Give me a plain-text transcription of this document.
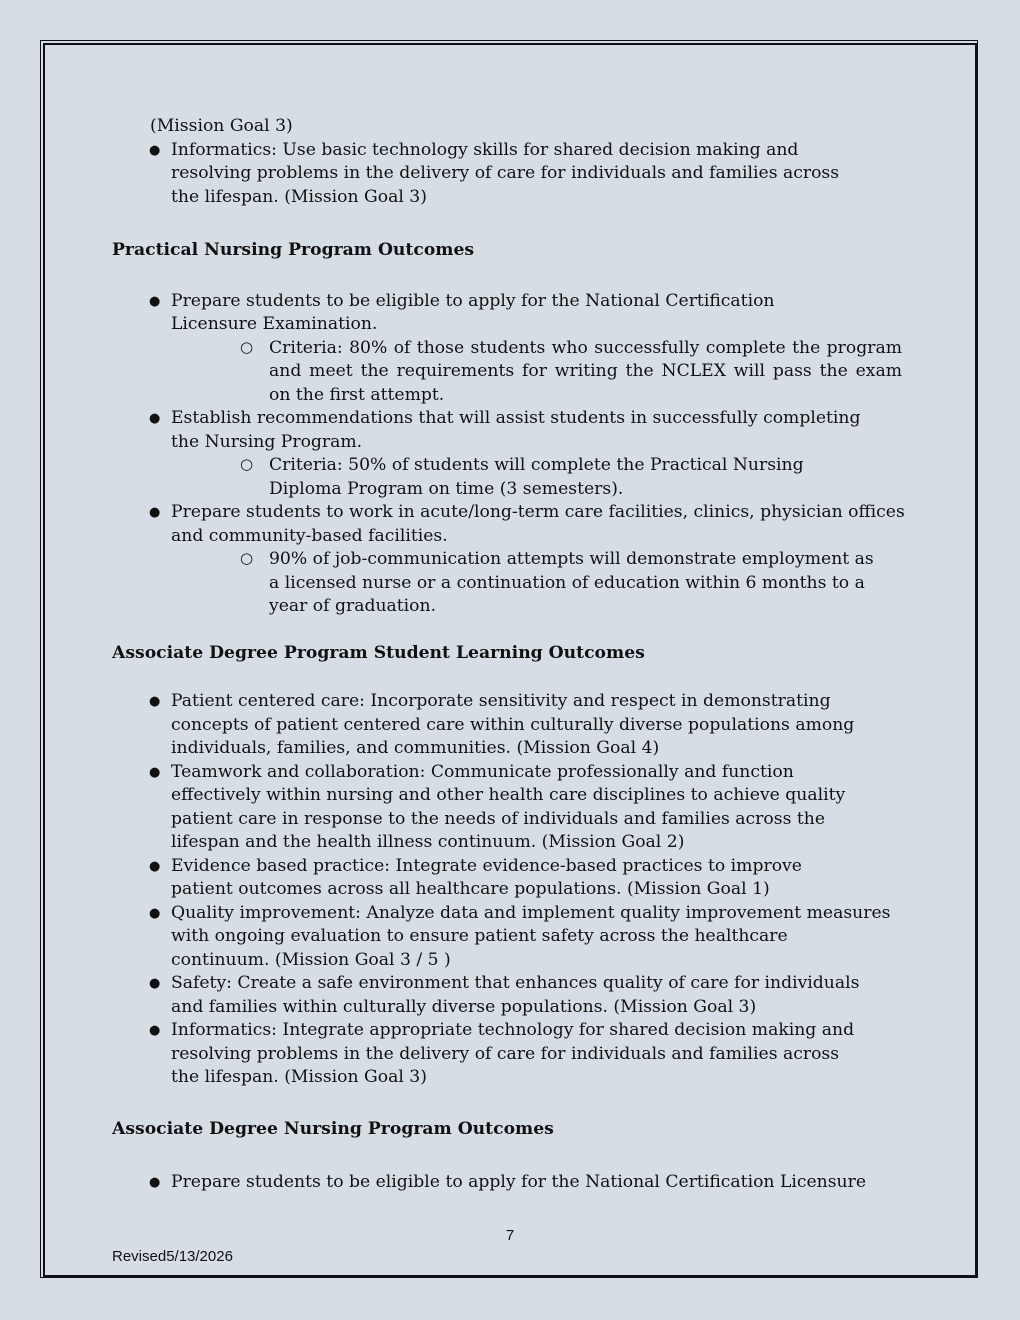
(Mission Goal 3)

● Informatics: Use basic technology skills for shared decision making and resolving problems in the delivery of care for individuals and families across the lifespan. (Mission Goal 3)
Practical Nursing Program Outcomes
● Prepare students to be eligible to apply for the National Certification Licensure Examination.
○ Criteria: 80% of those students who successfully complete the program and meet the requirements for writing the NCLEX will pass the exam on the first attempt.
● Establish recommendations that will assist students in successfully completing the Nursing Program.
○ Criteria: 50% of students will complete the Practical Nursing Diploma Program on time (3 semesters).
● Prepare students to work in acute/long-term care facilities, clinics, physician offices and community-based facilities.
○ 90% of job-communication attempts will demonstrate employment as a licensed nurse or a continuation of education within 6 months to a year of graduation.
Associate Degree Program Student Learning Outcomes
● Patient centered care: Incorporate sensitivity and respect in demonstrating concepts of patient centered care within culturally diverse populations among individuals, families, and communities. (Mission Goal 4)
● Teamwork and collaboration: Communicate professionally and function effectively within nursing and other health care disciplines to achieve quality patient care in response to the needs of individuals and families across the lifespan and the health illness continuum. (Mission Goal 2)
● Evidence based practice: Integrate evidence-based practices to improve patient outcomes across all healthcare populations. (Mission Goal 1)
● Quality improvement: Analyze data and implement quality improvement measures with ongoing evaluation to ensure patient safety across the healthcare continuum. (Mission Goal 3 / 5 )
● Safety: Create a safe environment that enhances quality of care for individuals and families within culturally diverse populations. (Mission Goal 3)
● Informatics: Integrate appropriate technology for shared decision making and resolving problems in the delivery of care for individuals and families across the lifespan. (Mission Goal 3)
Associate Degree Nursing Program Outcomes
● Prepare students to be eligible to apply for the National Certification Licensure
7
Revised5/13/2026
